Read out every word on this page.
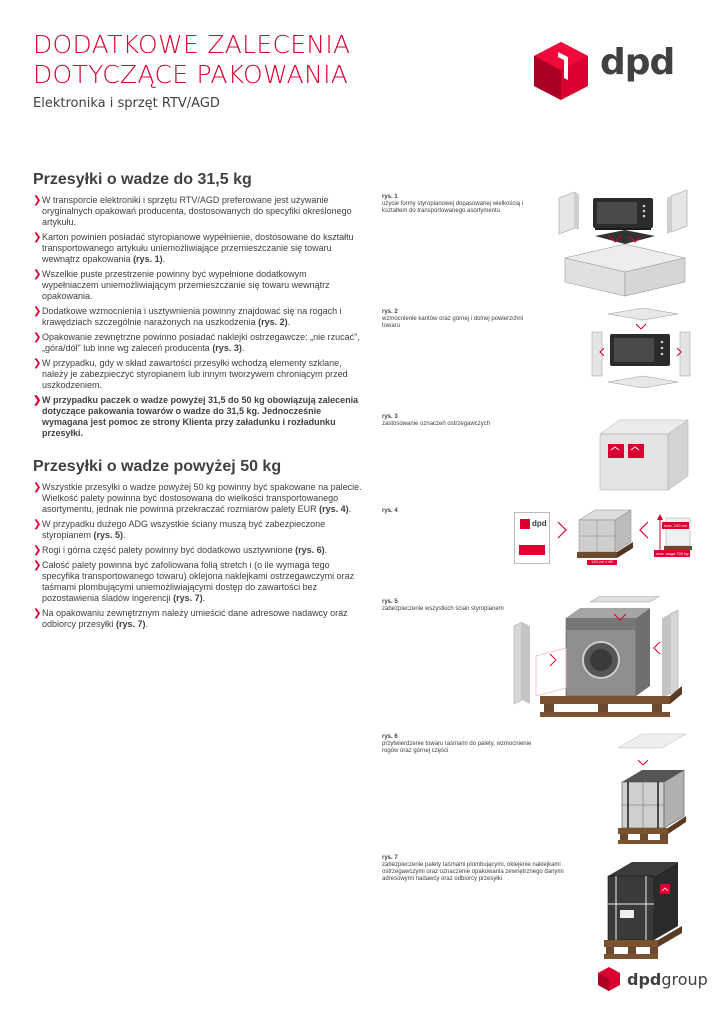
DODATKOWE ZALECENIA
DOTYCZĄCE PAKOWANIA
Elektronika i sprzęt RTV/AGD
dpd
Przesyłki o wadze do 31,5 kg
❯ W transporcie elektroniki i sprzętu RTV/AGD preferowane jest używanie oryginalnych opakowań producenta, dostosowanych do specyfiki określonego artykułu.
❯ Karton powinien posiadać styropianowe wypełnienie, dostosowane do kształtu transportowanego artykułu uniemożliwiające przemieszczanie się towaru wewnątrz opakowania (rys. 1).
❯ Wszelkie puste przestrzenie powinny być wypełnione dodatkowym wypełniaczem uniemożliwiającym przemieszczanie się towaru wewnątrz opakowania.
❯ Dodatkowe wzmocnienia i usztywnienia powinny znajdować się na rogach i krawędziach szczególnie narażonych na uszkodzenia (rys. 2).
❯ Opakowanie zewnętrzne powinno posiadać naklejki ostrzegawcze: „nie rzucać", „góra/dół" lub inne wg zaleceń producenta (rys. 3).
❯ W przypadku, gdy w skład zawartości przesyłki wchodzą elementy szklane, należy je zabezpieczyć styropianem lub innym tworzywem chroniącym przed uszkodzeniem.
❯ W przypadku paczek o wadze powyżej 31,5 do 50 kg obowiązują zalecenia dotyczące pakowania towarów o wadze do 31,5 kg. Jednocześnie wymagana jest pomoc ze strony Klienta przy załadunku i rozładunku przesyłki.
Przesyłki o wadze powyżej 50 kg
❯ Wszystkie przesyłki o wadze powyżej 50 kg powinny być spakowane na palecie. Wielkość palety powinna być dostosowana do wielkości transportowanego asortymentu, jednak nie powinna przekraczać rozmiarów palety EUR (rys. 4).
❯ W przypadku dużego ADG wszystkie ściany muszą być zabezpieczone styropianem (rys. 5).
❯ Rogi i górna część palety powinny być dodatkowo usztywnione (rys. 6).
❯ Całość palety powinna być zafoliowana folią stretch i (o ile wymaga tego specyfika transportowanego towaru) oklejona naklejkami ostrzegawczymi oraz taśmami plombującymi uniemożliwiającymi dostęp do zawartości bez pozostawienia śladów ingerencji (rys. 7).
❯ Na opakowaniu zewnętrznym należy umieścić dane adresowe nadawcy oraz odbiorcy przesyłki (rys. 7).
rys. 1
użycie formy styropianowej dopasowanej wielkością i kształtem do transportowanego asortymentu
rys. 2
wzmocnienie kantów oraz górnej i dolnej powierzchni towaru
rys. 3
zastosowanie oznaczeń ostrzegawczych
rys. 4
rys. 5
zabezpieczenie wszystkich ścian styropianem
rys. 6
przytwierdzenie towaru taśmami do palety, wzmocnienie rogów oraz górnej części
rys. 7
zabezpieczenie palety taśmami plombującymi, oklejenie naklejkami ostrzegawczymi oraz oznaczenie opakowania zewnętrznego danymi adresowymi nadawcy oraz odbiorcy przesyłki
dpd
120 cm x 80 cm
max. 120 cm
max. waga 700 kg
dpdgroup
